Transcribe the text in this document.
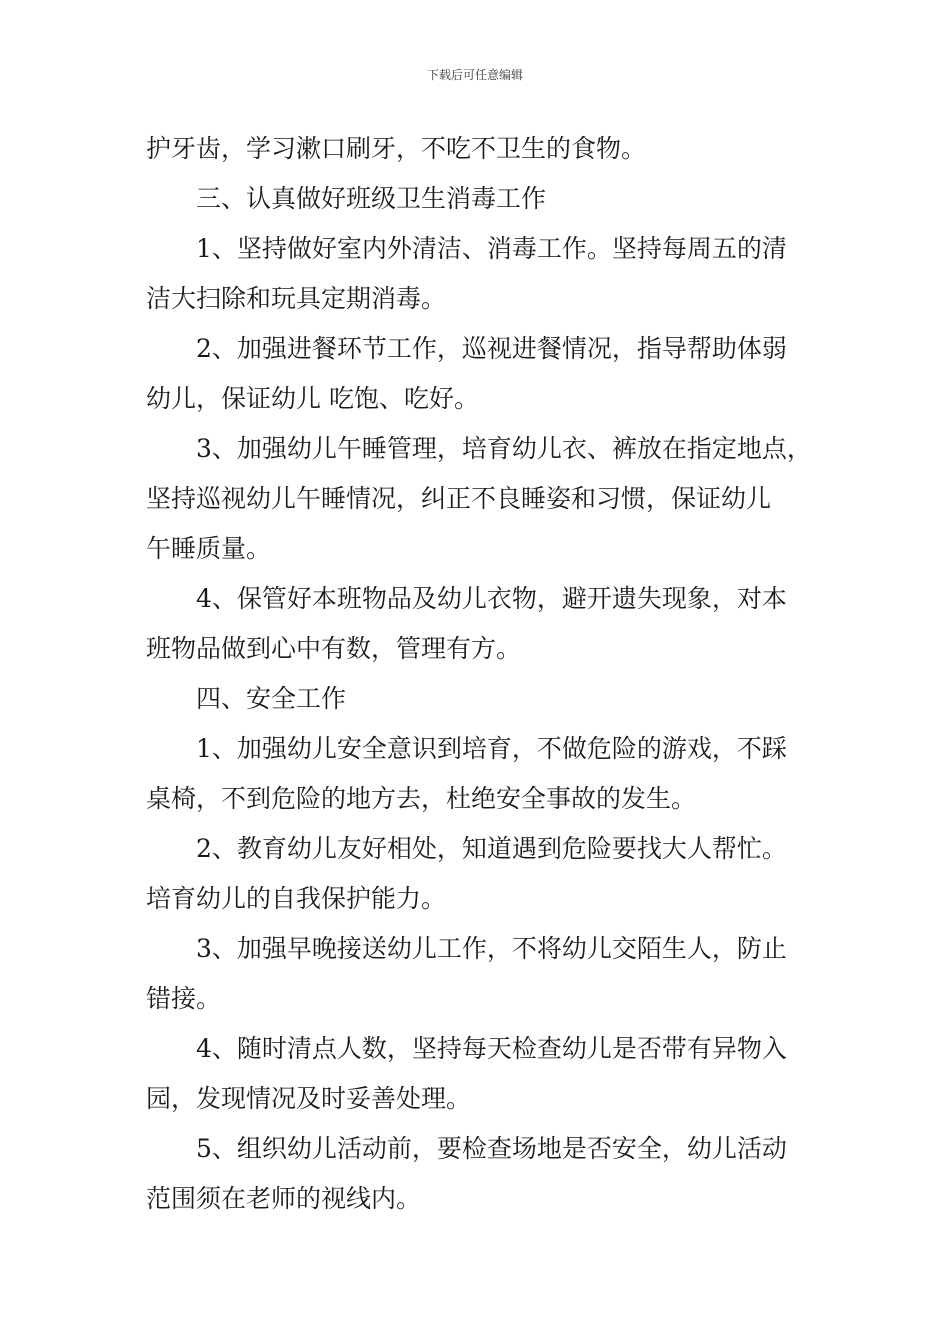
下载后可任意编辑
护牙齿，学习漱口刷牙，不吃不卫生的食物。
三、认真做好班级卫生消毒工作
1、坚持做好室内外清洁、消毒工作。坚持每周五的清
洁大扫除和玩具定期消毒。
2、加强进餐环节工作，巡视进餐情况，指导帮助体弱
幼儿，保证幼儿 吃饱、吃好。
3、加强幼儿午睡管理，培育幼儿衣、裤放在指定地点，
坚持巡视幼儿午睡情况，纠正不良睡姿和习惯，保证幼儿
午睡质量。
4、保管好本班物品及幼儿衣物，避开遗失现象，对本
班物品做到心中有数，管理有方。
四、安全工作
1、加强幼儿安全意识到培育，不做危险的游戏，不踩
桌椅，不到危险的地方去，杜绝安全事故的发生。
2、教育幼儿友好相处，知道遇到危险要找大人帮忙。
培育幼儿的自我保护能力。
3、加强早晚接送幼儿工作，不将幼儿交陌生人，防止
错接。
4、随时清点人数，坚持每天检查幼儿是否带有异物入
园，发现情况及时妥善处理。
5、组织幼儿活动前，要检查场地是否安全，幼儿活动
范围须在老师的视线内。
